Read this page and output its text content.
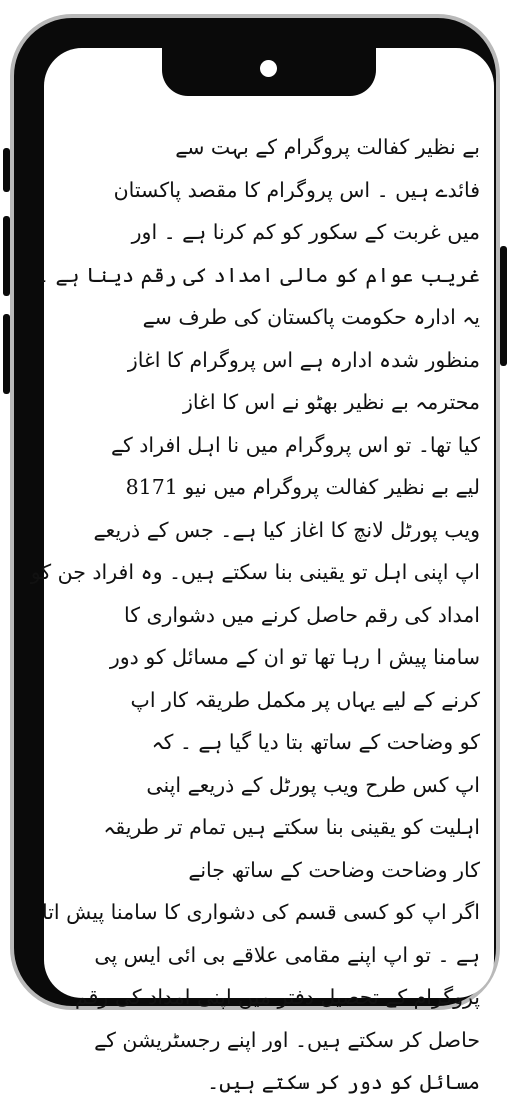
بے نظیر کفالت پروگرام کے بہت سے
فائدے ہیں ۔ اس پروگرام کا مقصد پاکستان
میں غربت کے سکور کو کم کرنا ہے ۔ اور
غریب عوام کو مالی امداد کی رقم دینا ہے ۔
یہ ادارہ حکومت پاکستان کی طرف سے
منظور شدہ ادارہ ہے اس پروگرام کا اغاز
محترمہ بے نظیر بھٹو نے اس کا اغاز
کیا تھا۔ تو اس پروگرام میں نا اہل افراد کے
لیے بے نظیر کفالت پروگرام میں نیو 8171
ویب پورٹل لانچ کا اغاز کیا ہے۔ جس کے ذریعے
اپ اپنی اہل تو یقینی بنا سکتے ہیں۔ وہ افراد جن کو
امداد کی رقم حاصل کرنے میں دشواری کا
سامنا پیش ا رہا تھا تو ان کے مسائل کو دور
کرنے کے لیے یہاں پر مکمل طریقہ کار اپ
کو وضاحت کے ساتھ بتا دیا گیا ہے ۔ کہ
اپ کس طرح ویب پورٹل کے ذریعے اپنی
اہلیت کو یقینی بنا سکتے ہیں تمام تر طریقہ
کار وضاحت وضاحت کے ساتھ جانے
اگر اپ کو کسی قسم کی دشواری کا سامنا پیش اتا
ہے ۔ تو اپ اپنے مقامی علاقے بی ائی ایس پی
پروگرام کے تحصیل دفتر میں اپنی امداد کی رقم
حاصل کر سکتے ہیں۔ اور اپنے رجسٹریشن کے
مسائل کو دور کر سکتے ہیں۔
